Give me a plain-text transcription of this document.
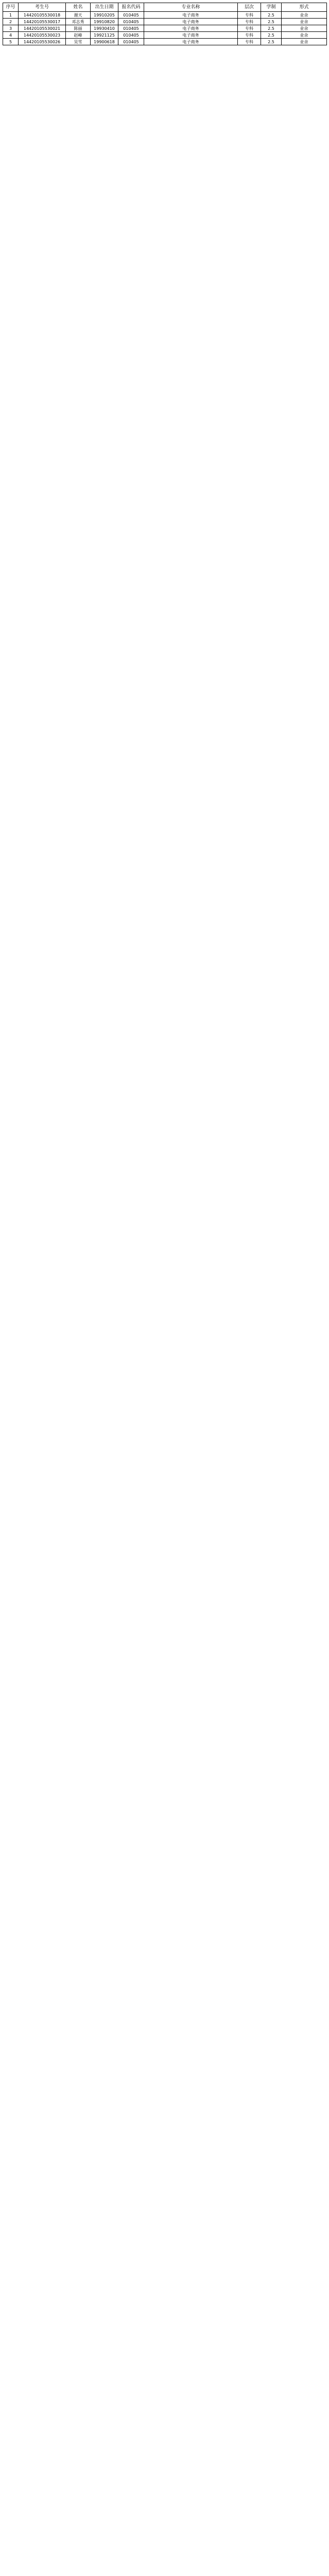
序号	考生号	姓名	出生日期	报名代码	专业名称	层次	学制	形式
1	14420105530018	谢天	19910205	010405	电子商务	专科	2.5	业余
2	14420105530017	邓志秀	19910820	010405	电子商务	专科	2.5	业余
3	14420105530021	陈丽	19930410	010405	电子商务	专科	2.5	业余
4	14420105530023	赵峰	19921125	010405	电子商务	专科	2.5	业余
5	14420105530026	吴雪	19900618	010405	电子商务	专科	2.5	业余
